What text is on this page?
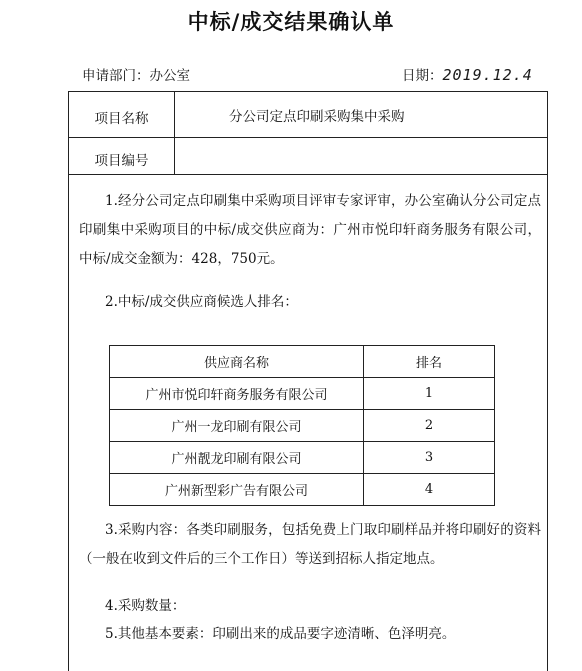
中标/成交结果确认单
申请部门：办公室	日期：2019.12.4
项目名称	分公司定点印刷采购集中采购
项目编号
1.经分公司定点印刷集中采购项目评审专家评审，办公室确认分公司定点印刷集中采购项目的中标/成交供应商为：广州市悦印轩商务服务有限公司，中标/成交金额为：428，750元。
2.中标/成交供应商候选人排名：
供应商名称	排名
广州市悦印轩商务服务有限公司	1
广州一龙印刷有限公司	2
广州靓龙印刷有限公司	3
广州新型彩广告有限公司	4
3.采购内容：各类印刷服务，包括免费上门取印刷样品并将印刷好的资料（一般在收到文件后的三个工作日）等送到招标人指定地点。
4.采购数量：
5.其他基本要素：印刷出来的成品要字迹清晰、色泽明亮。
